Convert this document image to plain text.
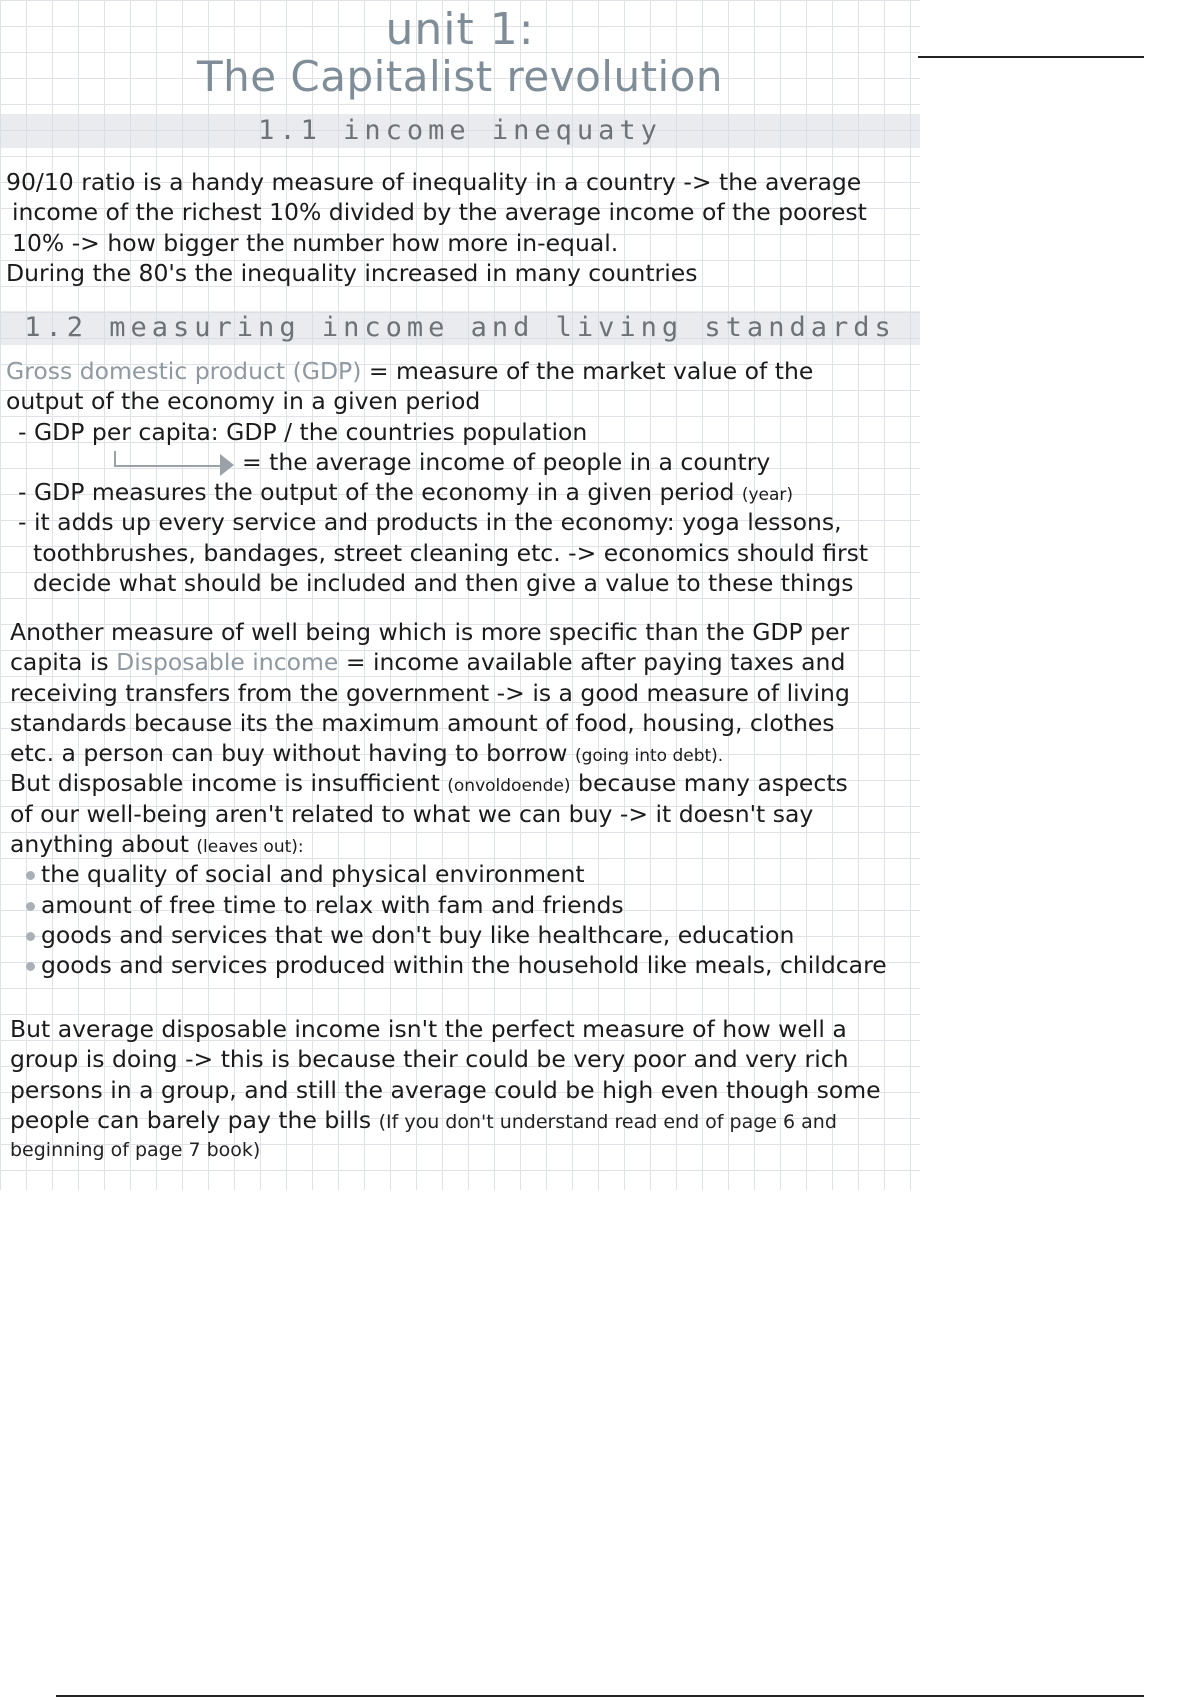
unit 1:
The Capitalist revolution
1.1 income inequaty
90/10 ratio is a handy measure of inequality in a country -> the average
income of the richest 10% divided by the average income of the poorest
10% -> how bigger the number how more in-equal.
During the 80's the inequality increased in many countries
1.2 measuring income and living standards
Gross domestic product (GDP) = measure of the market value of the
output of the economy in a given period
- GDP per capita: GDP / the countries population
= the average income of people in a country
- GDP measures the output of the economy in a given period (year)
- it adds up every service and products in the economy: yoga lessons,
toothbrushes, bandages, street cleaning etc. -> economics should first
decide what should be included and then give a value to these things
Another measure of well being which is more specific than the GDP per
capita is Disposable income = income available after paying taxes and
receiving transfers from the government -> is a good measure of living
standards because its the maximum amount of food, housing, clothes
etc. a person can buy without having to borrow (going into debt).
But disposable income is insufficient (onvoldoende) because many aspects
of our well-being aren't related to what we can buy -> it doesn't say
anything about (leaves out):
the quality of social and physical environment
amount of free time to relax with fam and friends
goods and services that we don't buy like healthcare, education
goods and services produced within the household like meals, childcare
But average disposable income isn't the perfect measure of how well a
group is doing -> this is because their could be very poor and very rich
persons in a group, and still the average could be high even though some
people can barely pay the bills (If you don't understand read end of page 6 and
beginning of page 7 book)
